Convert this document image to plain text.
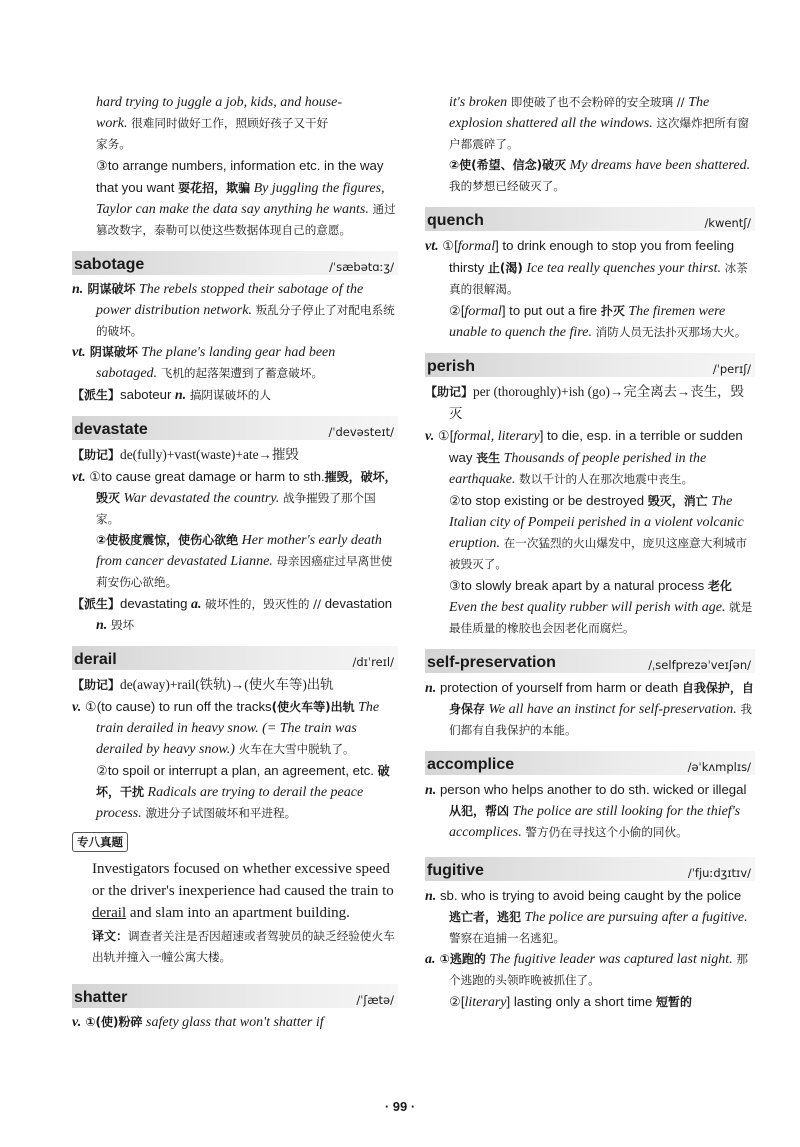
hard trying to juggle a job, kids, and house-
work. 很难同时做好工作，照顾好孩子又干好
家务。

③to arrange numbers, information etc. in the way that you want 耍花招，欺骗 By juggling the figures, Taylor can make the data say anything he wants. 通过篡改数字，泰勒可以使这些数据体现自己的意愿。

sabotage	/ˈsæbətɑːʒ/

n. 阴谋破坏 The rebels stopped their sabotage of the power distribution network. 叛乱分子停止了对配电系统的破坏。

vt. 阴谋破坏 The plane's landing gear had been sabotaged. 飞机的起落架遭到了蓄意破坏。

【派生】saboteur n. 搞阴谋破坏的人

devastate	/ˈdevəsteɪt/

【助记】de(fully)+vast(waste)+ate→摧毁

vt. ①to cause great damage or harm to sth.摧毁，破坏，毁灭 War devastated the country. 战争摧毁了那个国家。

②使极度震惊，使伤心欲绝 Her mother's early death from cancer devastated Lianne. 母亲因癌症过早离世使莉安伤心欲绝。

【派生】devastating a. 破坏性的，毁灭性的 // devastation n. 毁坏

derail	/dɪˈreɪl/

【助记】de(away)+rail(铁轨)→(使火车等)出轨

v. ①(to cause) to run off the tracks(使火车等)出轨 The train derailed in heavy snow. (= The train was derailed by heavy snow.) 火车在大雪中脱轨了。

②to spoil or interrupt a plan, an agreement, etc. 破坏，干扰 Radicals are trying to derail the peace process. 激进分子试图破坏和平进程。

专八真题

Investigators focused on whether excessive speed or the driver's inexperience had caused the train to derail and slam into an apartment building.

译文：调查者关注是否因超速或者驾驶员的缺乏经验使火车出轨并撞入一幢公寓大楼。

shatter	/ˈʃætə/

v. ①(使)粉碎 safety glass that won't shatter if

it's broken 即使破了也不会粉碎的安全玻璃 // The explosion shattered all the windows. 这次爆炸把所有窗户都震碎了。

②使(希望、信念)破灭 My dreams have been shattered. 我的梦想已经破灭了。

quench	/kwentʃ/

vt. ①[formal] to drink enough to stop you from feeling thirsty 止(渴) Ice tea really quenches your thirst. 冰茶真的很解渴。

②[formal] to put out a fire 扑灭 The firemen were unable to quench the fire. 消防人员无法扑灭那场大火。

perish	/ˈperɪʃ/

【助记】per (thoroughly)+ish (go)→完全离去→丧生，毁灭

v. ①[formal, literary] to die, esp. in a terrible or sudden way 丧生 Thousands of people perished in the earthquake. 数以千计的人在那次地震中丧生。

②to stop existing or be destroyed 毁灭，消亡 The Italian city of Pompeii perished in a violent volcanic eruption. 在一次猛烈的火山爆发中，庞贝这座意大利城市被毁灭了。

③to slowly break apart by a natural process 老化 Even the best quality rubber will perish with age. 就是最佳质量的橡胶也会因老化而腐烂。

self-preservation	/ˌselfprezəˈveɪʃən/

n. protection of yourself from harm or death 自我保护，自身保存 We all have an instinct for self-preservation. 我们都有自我保护的本能。

accomplice	/əˈkʌmplɪs/

n. person who helps another to do sth. wicked or illegal 从犯，帮凶 The police are still looking for the thief's accomplices. 警方仍在寻找这个小偷的同伙。

fugitive	/ˈfjuːdʒɪtɪv/

n. sb. who is trying to avoid being caught by the police 逃亡者，逃犯 The police are pursuing after a fugitive. 警察在追捕一名逃犯。

a. ①逃跑的 The fugitive leader was captured last night. 那个逃跑的头领昨晚被抓住了。

②[literary] lasting only a short time 短暂的

· 99 ·
